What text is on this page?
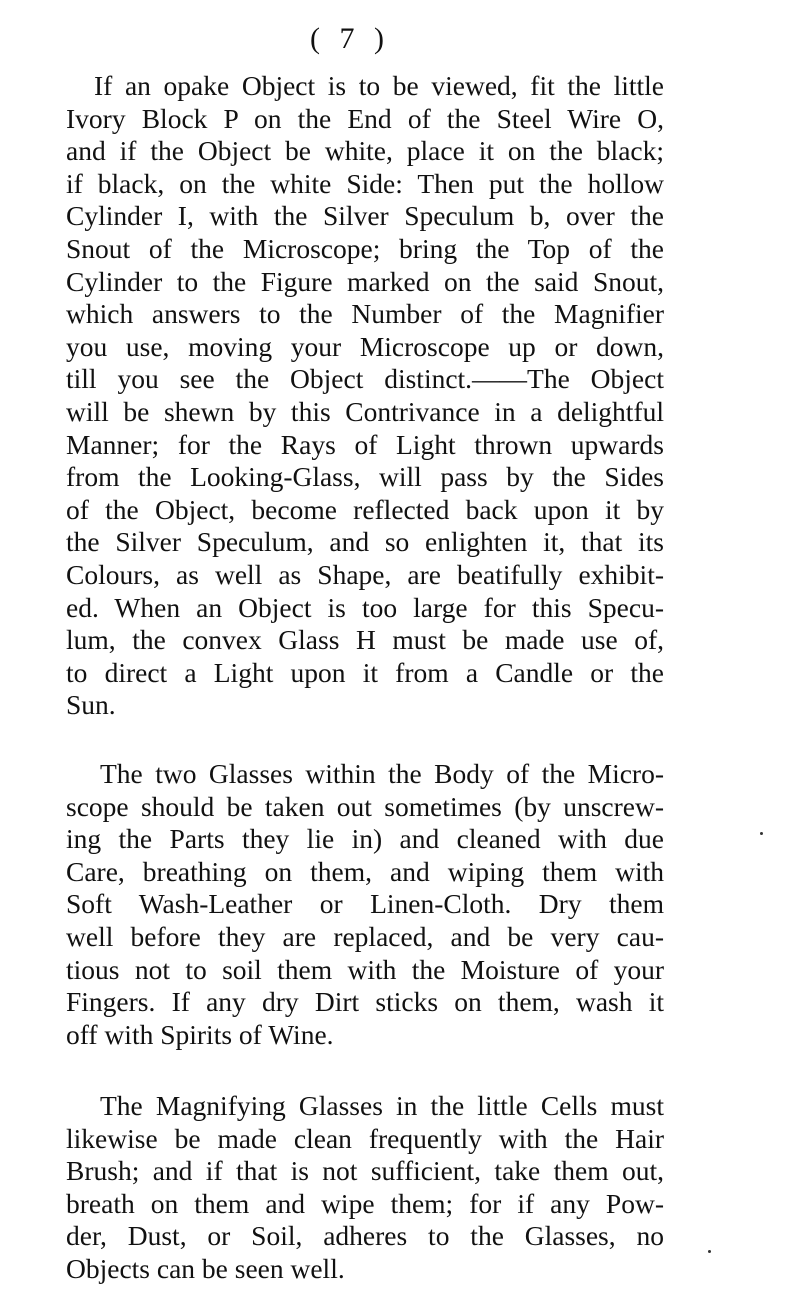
( 7 )
If an opake Object is to be viewed, fit the little
Ivory Block P on the End of the Steel Wire O,
and if the Object be white, place it on the black;
if black, on the white Side: Then put the hollow
Cylinder I, with the Silver Speculum b, over the
Snout of the Microscope; bring the Top of the
Cylinder to the Figure marked on the said Snout,
which answers to the Number of the Magnifier
you use, moving your Microscope up or down,
till you see the Object distinct.——The Object
will be shewn by this Contrivance in a delightful
Manner; for the Rays of Light thrown upwards
from the Looking-Glass, will pass by the Sides
of the Object, become reflected back upon it by
the Silver Speculum, and so enlighten it, that its
Colours, as well as Shape, are beatifully exhibit-
ed. When an Object is too large for this Specu-
lum, the convex Glass H must be made use of,
to direct a Light upon it from a Candle or the
Sun.
The two Glasses within the Body of the Micro-
scope should be taken out sometimes (by unscrew-
ing the Parts they lie in) and cleaned with due
Care, breathing on them, and wiping them with
Soft Wash-Leather or Linen-Cloth. Dry them
well before they are replaced, and be very cau-
tious not to soil them with the Moisture of your
Fingers. If any dry Dirt sticks on them, wash it
off with Spirits of Wine.
The Magnifying Glasses in the little Cells must
likewise be made clean frequently with the Hair
Brush; and if that is not sufficient, take them out,
breath on them and wipe them; for if any Pow-
der, Dust, or Soil, adheres to the Glasses, no
Objects can be seen well.
